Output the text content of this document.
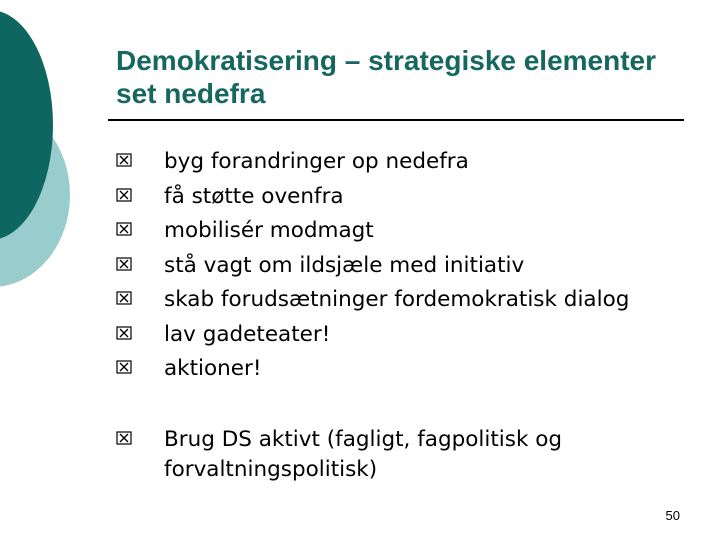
Demokratisering – strategiske elementer set nedefra
byg forandringer op nedefra
få støtte ovenfra
mobilisér modmagt
stå vagt om ildsjæle med initiativ
skab forudsætninger fordemokratisk dialog
lav gadeteater!
aktioner!
Brug DS aktivt (fagligt, fagpolitisk og forvaltningspolitisk)
50
